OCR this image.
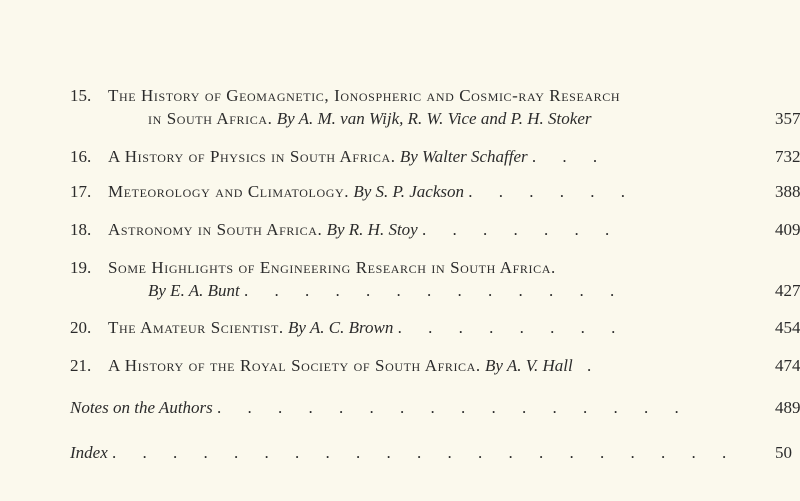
15. The History of Geomagnetic, Ionospheric and Cosmic-ray Research
in South Africa. By A. M. van Wijk, R. W. Vice and P. H. Stoker	357
16. A History of Physics in South Africa. By Walter Schaffer . . .	732
17. Meteorology and Climatology. By S. P. Jackson . . . . . .	388
18. Astronomy in South Africa. By R. H. Stoy . . . . . . .	409
19. Some Highlights of Engineering Research in South Africa.
By E. A. Bunt . . . . . . . . . . . . .	427
20. The Amateur Scientist. By A. C. Brown . . . . . . . .	454
21. A History of the Royal Society of South Africa. By A. V. Hall .	474
Notes on the Authors . . . . . . . . . . . . . . . .	489
Index . . . . . . . . . . . . . . . . . . . . . 50
